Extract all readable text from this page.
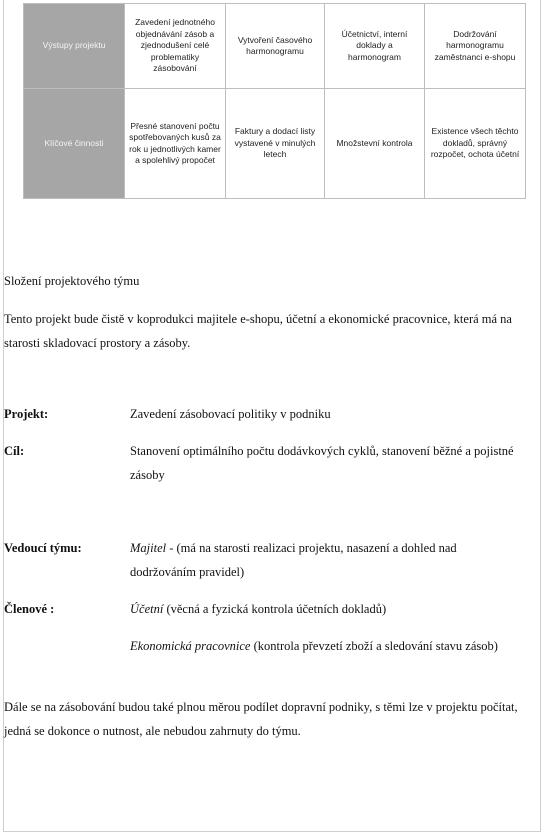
Výstupy projektu	Zavedení jednotného objednávání zásob a zjednodušení celé problematiky zásobování	Vytvoření časového harmonogramu	Účetnictví, interní doklady a harmonogram	Dodržování harmonogramu zaměstnanci e-shopu
Klíčové činnosti	Přesné stanovení počtu spotřebovaných kusů za rok u jednotlivých kamer a spolehlivý propočet	Faktury a dodací listy vystavené v minulých letech	Množstevní kontrola	Existence všech těchto dokladů, správný rozpočet, ochota účetní
Složení projektového týmu
Tento projekt bude čistě v koprodukci majitele e-shopu, účetní a ekonomické pracovnice, která má na starosti skladovací prostory a zásoby.
Projekt:	Zavedení zásobovací politiky v podniku
Cíl:	Stanovení optimálního počtu dodávkových cyklů, stanovení běžné a pojistné zásoby
Vedoucí týmu:	Majitel - (má na starosti realizaci projektu, nasazení a dohled nad dodržováním pravidel)
Členové :	Účetní (věcná a fyzická kontrola účetních dokladů)
Ekonomická pracovnice (kontrola převzetí zboží a sledování stavu zásob)
Dále se na zásobování budou také plnou měrou podílet dopravní podniky, s těmi lze v projektu počítat, jedná se dokonce o nutnost, ale nebudou zahrnuty do týmu.
